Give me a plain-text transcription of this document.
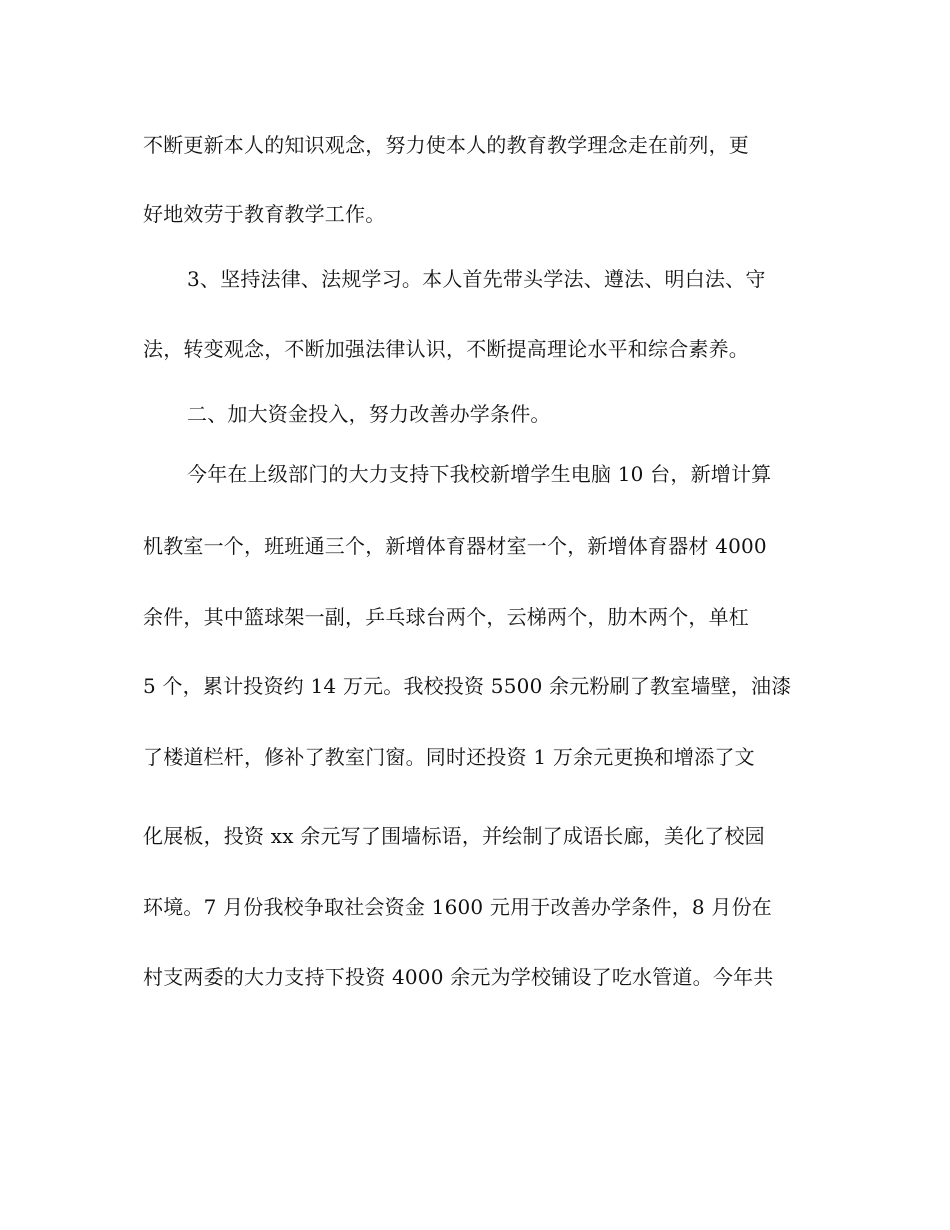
不断更新本人的知识观念，努力使本人的教育教学理念走在前列，更
好地效劳于教育教学工作。
3、坚持法律、法规学习。本人首先带头学法、遵法、明白法、守
法，转变观念，不断加强法律认识，不断提高理论水平和综合素养。
二、加大资金投入，努力改善办学条件。
今年在上级部门的大力支持下我校新增学生电脑 10 台，新增计算
机教室一个，班班通三个，新增体育器材室一个，新增体育器材 4000
余件，其中篮球架一副，乒乓球台两个，云梯两个，肋木两个，单杠
5 个，累计投资约 14 万元。我校投资 5500 余元粉刷了教室墙壁，油漆
了楼道栏杆，修补了教室门窗。同时还投资 1 万余元更换和增添了文
化展板，投资 xx 余元写了围墙标语，并绘制了成语长廊，美化了校园
环境。7 月份我校争取社会资金 1600 元用于改善办学条件，8 月份在
村支两委的大力支持下投资 4000 余元为学校铺设了吃水管道。今年共
